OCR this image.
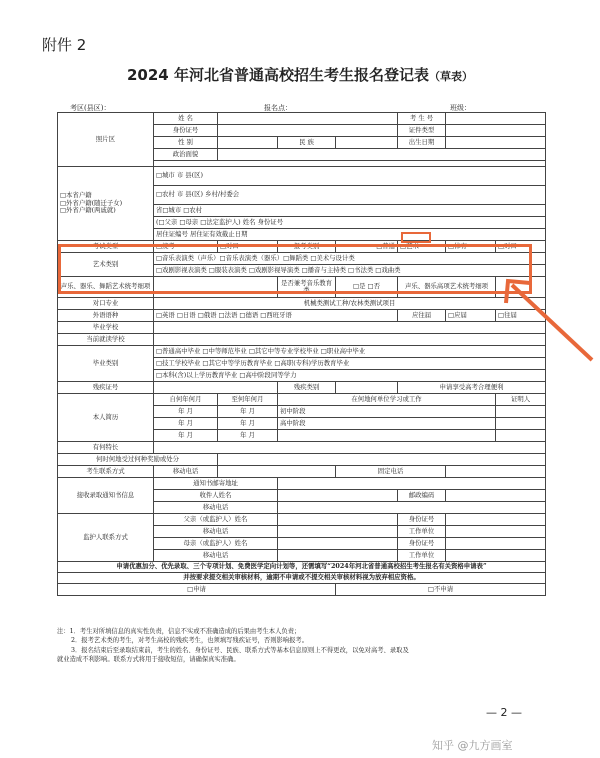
附件 2
2024 年河北省普通高校招生考生报名登记表（草表）
考区(县区)：	报名点：	班级：
照片区	姓 名				考 生 号		
	身份证号				证件类型		
	性 别		民 族		出生日期		
	政治面貌						

□本省户籍
□外省户籍(随迁子女)
□外省户籍(两戚就)	□城市 市 县(区)						
	□农村 市 县(区) 乡村/村委会						
	省□城市 □农村						
	(□父亲 □母亲 □法定监护人) 姓名 身份证号						
	居住证编号 居住证有效截止日期						
考试类型	□统考	□对口	报考类别	□普通	□艺术	□体育	□对口
艺术类别	□音乐表演类（声乐）□音乐表演类（器乐）□舞蹈类 □美术与设计类						
	□戏剧影视表演类 □服装表演类 □戏剧影视导演类 □播音与主持类 □书法类 □戏曲类						
声乐、器乐、舞蹈艺术统考细项			是否兼考音乐教育类	□是 □否	声乐、器乐高项艺术统考细项		
对口专业	机械类测试工种/农林类测试项目						
外语语种	□英语 □日语 □俄语 □法语 □德语 □西班牙语				应往届	□应届	□往届
毕业学校							
当前就读学校							
毕业类别	□普通高中毕业 □中等师范毕业 □其它中等专业学校毕业 □职业高中毕业						
	□技工学校毕业 □其它中等学历教育毕业 □高职(专科)学历教育毕业						
	□本科(含)以上学历教育毕业 □高中阶段同等学力						
残疾证号			残疾类别		申请享受高考合理便利		
本人简历	自何年何月	至何年何月	在何地何单位学习或工作				证明人
	年 月	年 月	初中阶段				
	年 月	年 月	高中阶段				
	年 月	年 月					
有何特长							
何时何地受过何种奖励或处分							
考生联系方式	移动电话			固定电话			
接收录取通知书信息	通知书邮寄地址						
	收件人姓名				邮政编码		
	移动电话						
监护人联系方式	父亲（或监护人）姓名				身份证号		
	移动电话				工作单位		
	母亲（或监护人）姓名				身份证号		
	移动电话				工作单位		
申请优惠加分、优先录取、三个专项计划、免费医学定向计划等，还需填写“2024年河北省普通高校招生考生报名有关资格申请表”							
并按要求提交相关审核材料，逾期不申请或不提交相关审核材料视为放弃相应资格。							
□申请				□不申请			
注：1．考生对所填信息的真实性负责，信息不实或不准确造成的后果由考生本人负责；
2．报考艺术类的考生，对考生高校的残疾考生，也须填写残疾证号，否则影响报考。
3．报名结束后至录取结束前，考生的姓名、身份证号、民族、联系方式等基本信息原则上不得更改，以免对高考、录取及
就业造成不利影响。联系方式将用于接收短信，请确保真实准确。
— 2 —
知乎 @九方画室
